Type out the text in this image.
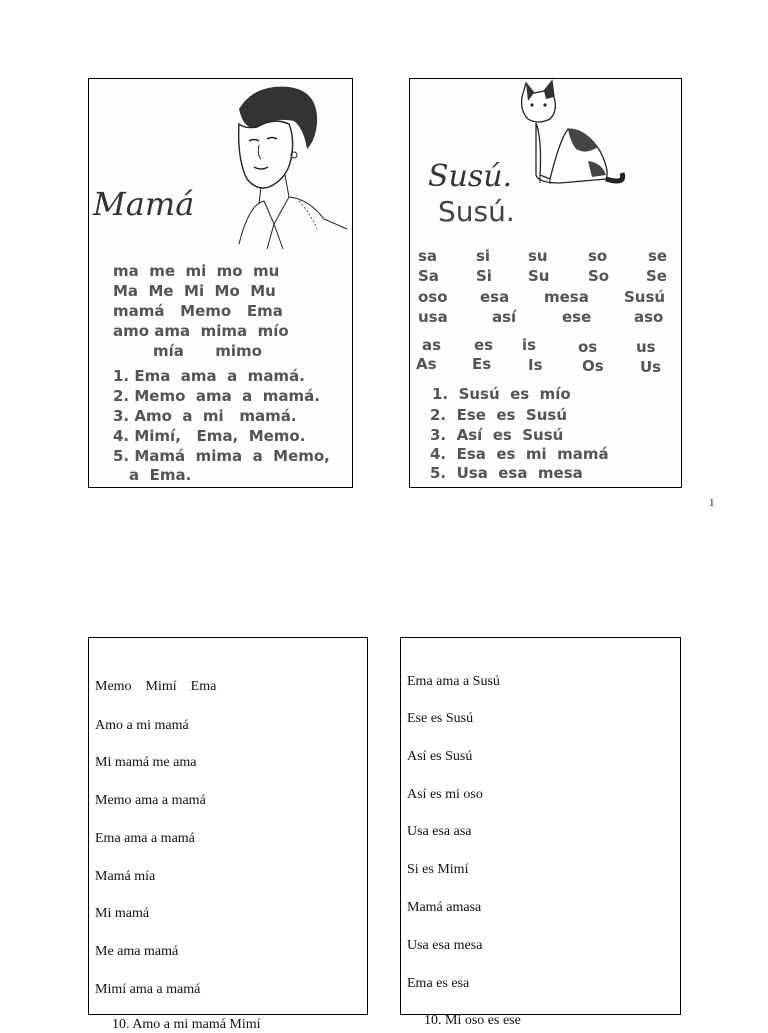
Mamá
ma  me  mi  mo  mu
Ma  Me  Mi  Mo  Mu
mamá   Memo   Ema
amo ama  mima  mío
mía      mimo
1. Ema  ama  a  mamá.
2. Memo  ama  a  mamá.
3. Amo  a  mi   mamá.
4. Mimí,   Ema,  Memo.
5. Mamá  mima  a  Memo,
a  Ema.
Susú.
Susú.
sa	si	su	so	se
Sa Si Su	So Se
oso esa mesa Susú
usa	así	ese	aso
as es is	os	us
As Es Is	Os Us
1.  Susú  es  mío
2.  Ese  es  Susú
3.  Así  es  Susú
4.  Esa  es  mi  mamá
5.  Usa  esa  mesa
1
Memo    Mimí    Ema
Amo a mi mamá
Mi mamá me ama
Memo ama a mamá
Ema ama a mamá
Mamá mía
Mi mamá
Me ama mamá
Mimí ama a mamá
10. Amo a mi mamá Mimí
Ema ama a Susú
Ese es Susú
Así es Susú
Así es mi oso
Usa esa asa
Si es Mimí
Mamá amasa
Usa esa mesa
Ema es esa
10. Mi oso es ese
